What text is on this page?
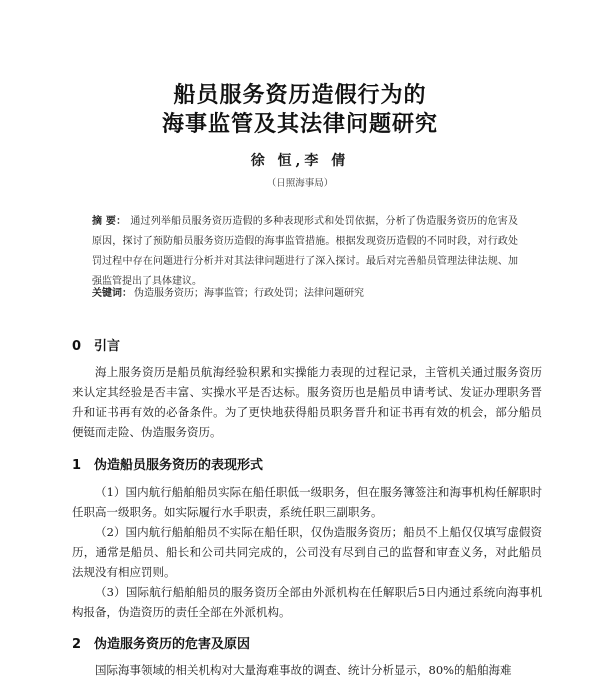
船员服务资历造假行为的
海事监管及其法律问题研究
徐 恒,李 倩
（日照海事局）
摘 要： 通过列举船员服务资历造假的多种表现形式和处罚依据，分析了伪造服务资历的危害及原因，探讨了预防船员服务资历造假的海事监管措施。根据发现资历造假的不同时段，对行政处罚过程中存在问题进行分析并对其法律问题进行了深入探讨。最后对完善船员管理法律法规、加强监管提出了具体建议。
关键词： 伪造服务资历；海事监管；行政处罚；法律问题研究
0 引言
海上服务资历是船员航海经验积累和实操能力表现的过程记录，主管机关通过服务资历来认定其经验是否丰富、实操水平是否达标。服务资历也是船员申请考试、发证办理职务晋升和证书再有效的必备条件。为了更快地获得船员职务晋升和证书再有效的机会，部分船员便铤而走险、伪造服务资历。
1 伪造船员服务资历的表现形式
（1）国内航行船舶船员实际在船任职低一级职务，但在服务簿签注和海事机构任解职时任职高一级职务。如实际履行水手职责，系统任职三副职务。
（2）国内航行船舶船员不实际在船任职，仅伪造服务资历；船员不上船仅仅填写虚假资历，通常是船员、船长和公司共同完成的，公司没有尽到自己的监督和审查义务，对此船员法规没有相应罚则。
（3）国际航行船舶船员的服务资历全部由外派机构在任解职后5日内通过系统向海事机构报备，伪造资历的责任全部在外派机构。
2 伪造服务资历的危害及原因
国际海事领域的相关机构对大量海难事故的调查、统计分析显示，80%的船舶海难
